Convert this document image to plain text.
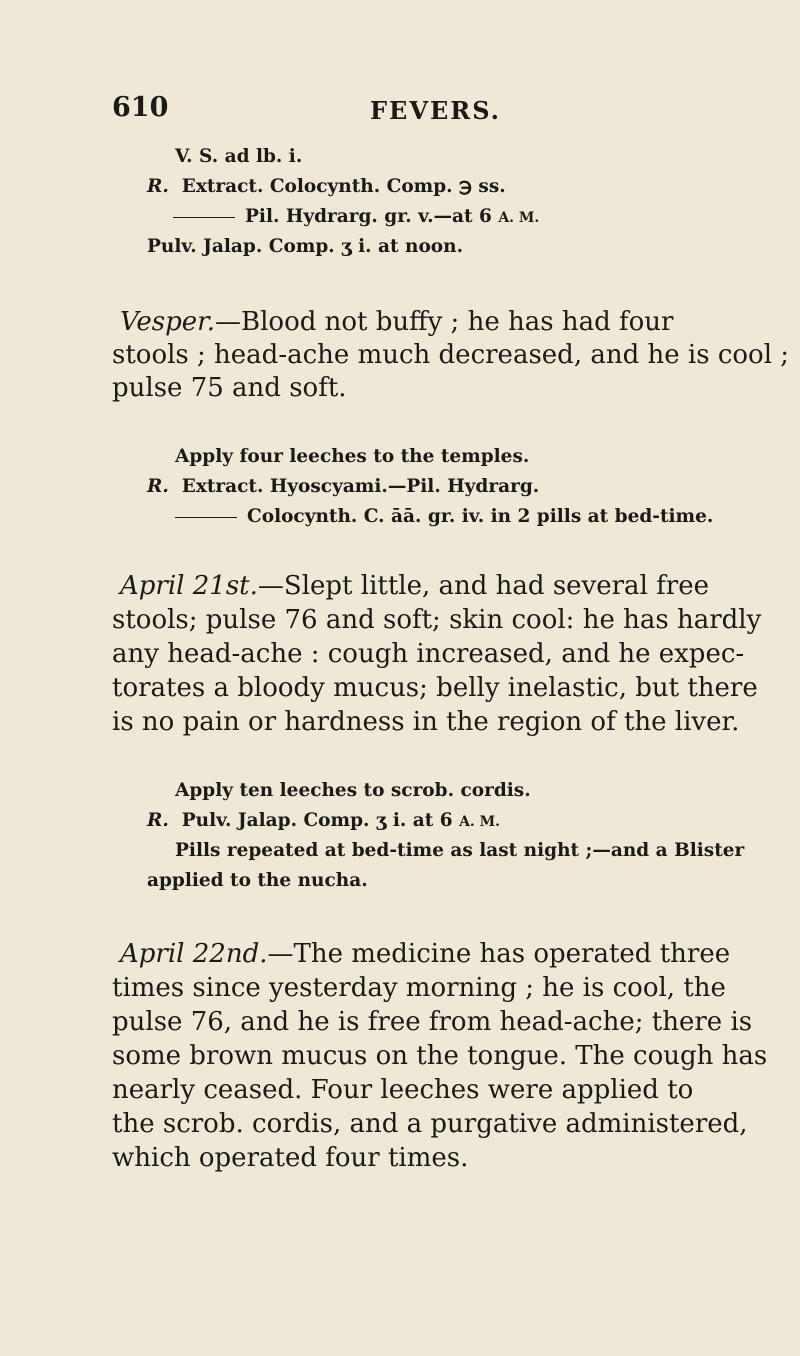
610	FEVERS.
V. S. ad lb. i.
R. Extract. Colocynth. Comp. ℈ ss.
Pil. Hydrarg. gr. v.—at 6 A. M.
Pulv. Jalap. Comp. ʒ i. at noon.
Vesper.—Blood not buffy ; he has had four
stools ; head-ache much decreased, and he is cool ;
pulse 75 and soft.
Apply four leeches to the temples.
R. Extract. Hyoscyami.—Pil. Hydrarg.
Colocynth. C. āā. gr. iv. in 2 pills at bed-time.
April 21st.—Slept little, and had several free
stools; pulse 76 and soft; skin cool: he has hardly
any head-ache : cough increased, and he expec-
torates a bloody mucus; belly inelastic, but there
is no pain or hardness in the region of the liver.
Apply ten leeches to scrob. cordis.
R. Pulv. Jalap. Comp. ʒ i. at 6 A. M.
Pills repeated at bed-time as last night ;—and a Blister
applied to the nucha.
April 22nd.—The medicine has operated three
times since yesterday morning ; he is cool, the
pulse 76, and he is free from head-ache; there is
some brown mucus on the tongue. The cough has
nearly ceased. Four leeches were applied to
the scrob. cordis, and a purgative administered,
which operated four times.
